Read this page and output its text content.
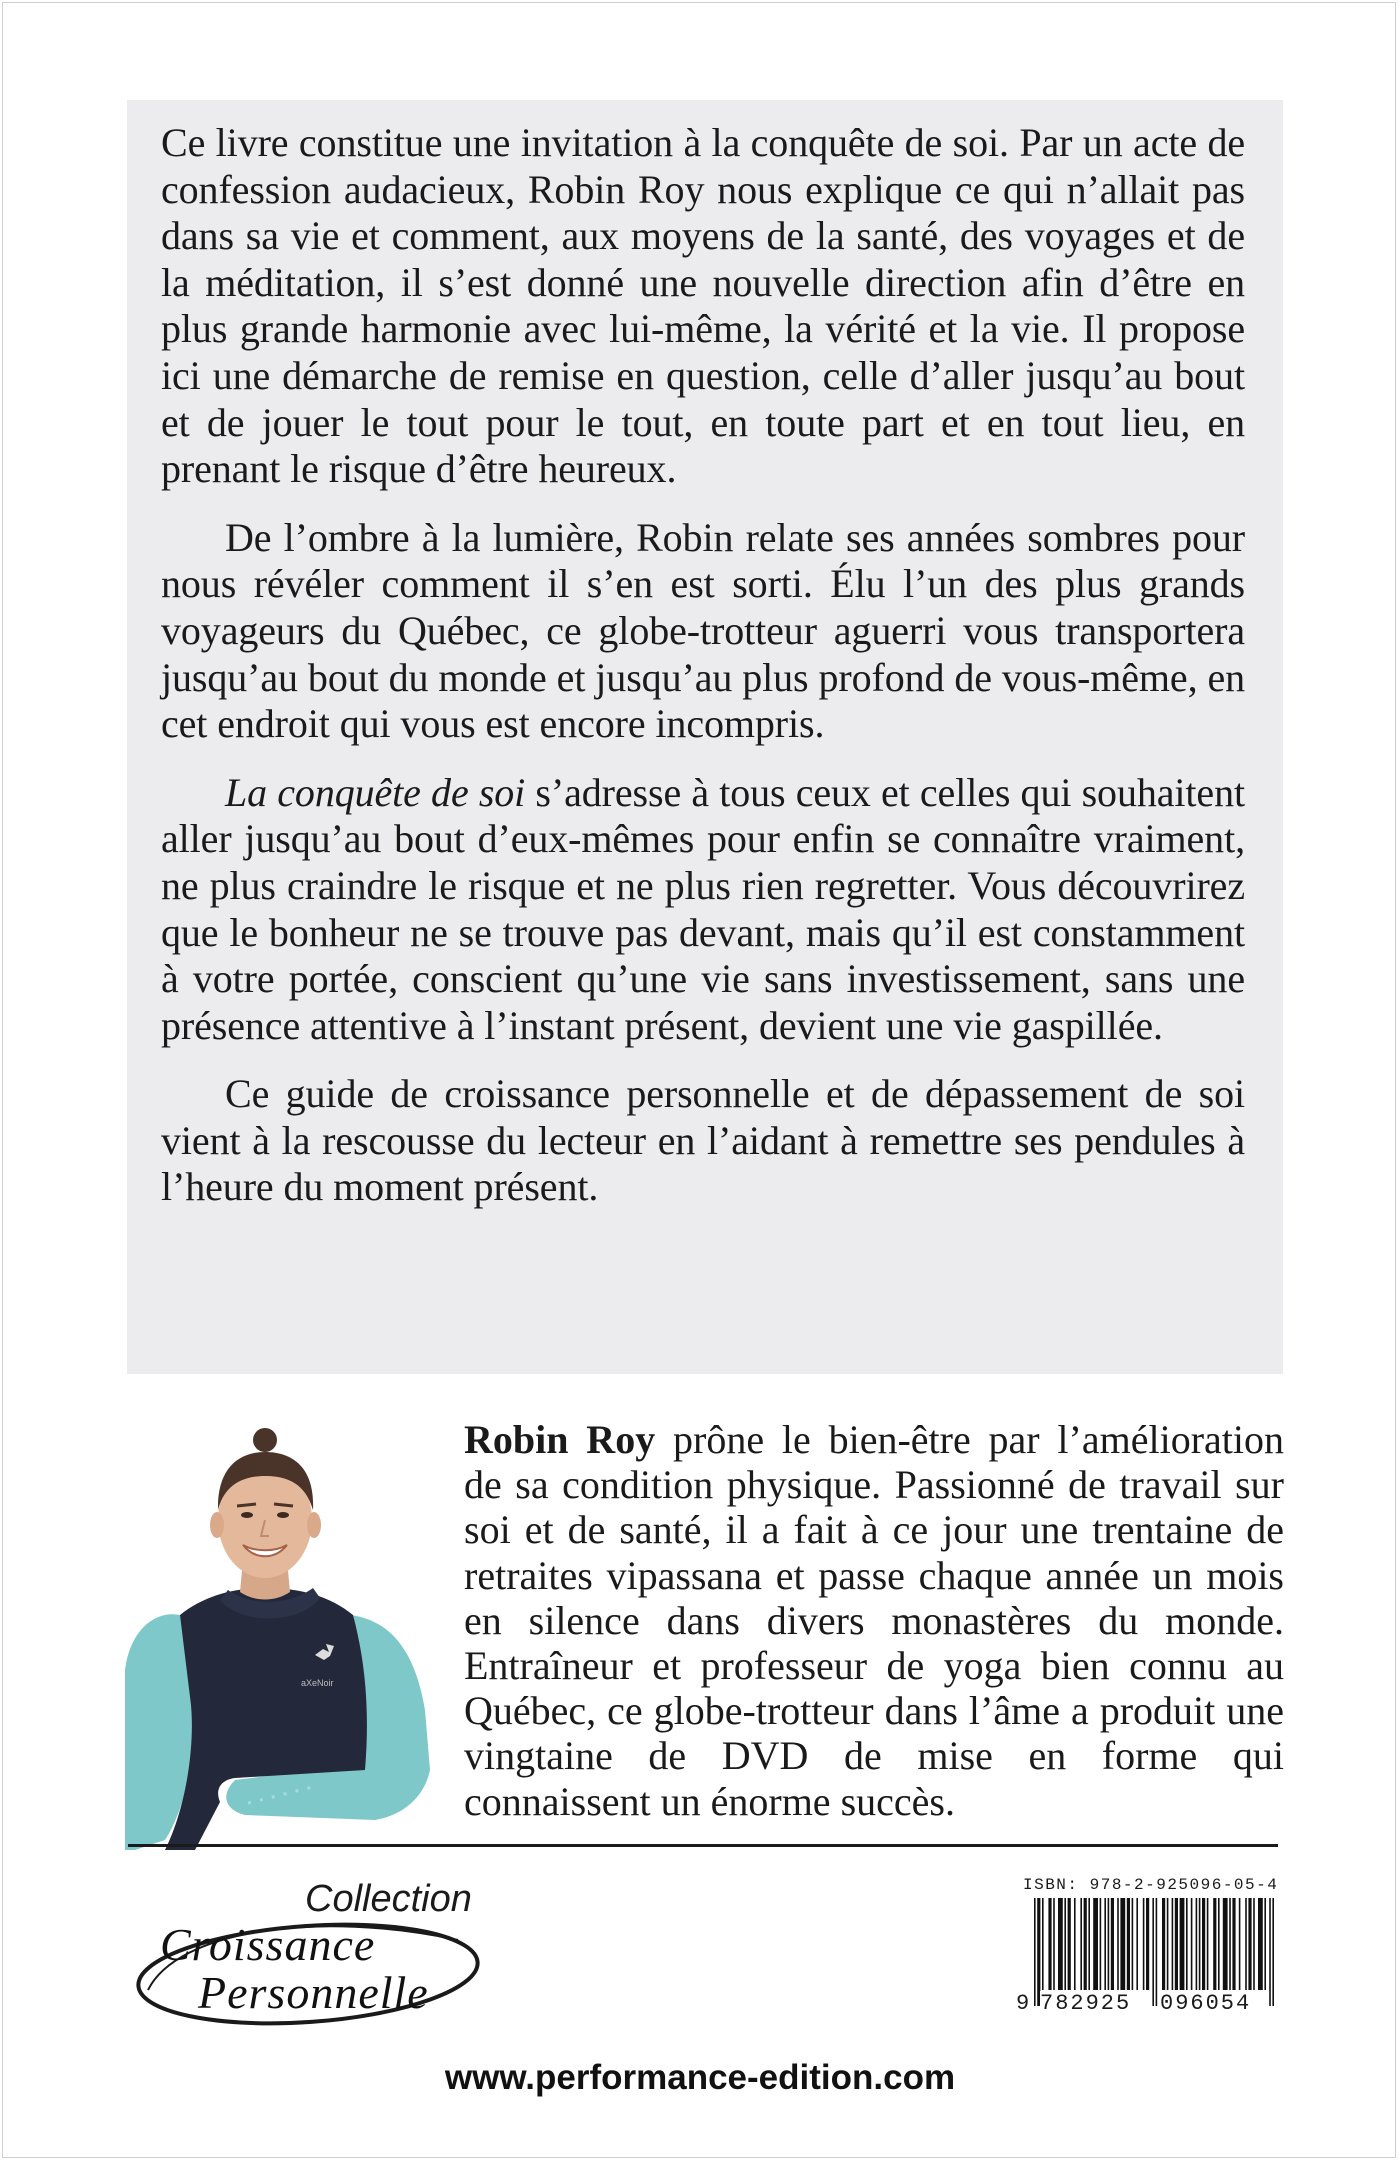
Ce livre constitue une invitation à la conquête de soi. Par un acte de confession audacieux, Robin Roy nous explique ce qui n’allait pas dans sa vie et comment, aux moyens de la santé, des voyages et de la méditation, il s’est donné une nouvelle direction afin d’être en plus grande harmonie avec lui-même, la vérité et la vie. Il propose ici une démarche de remise en question, celle d’aller jusqu’au bout et de jouer le tout pour le tout, en toute part et en tout lieu, en prenant le risque d’être heureux.

De l’ombre à la lumière, Robin relate ses années sombres pour nous révéler comment il s’en est sorti. Élu l’un des plus grands voyageurs du Québec, ce globe-trotteur aguerri vous transportera jusqu’au bout du monde et jusqu’au plus profond de vous-même, en cet endroit qui vous est encore incompris.

La conquête de soi s’adresse à tous ceux et celles qui souhaitent aller jusqu’au bout d’eux-mêmes pour enfin se connaître vraiment, ne plus craindre le risque et ne plus rien regretter. Vous découvrirez que le bonheur ne se trouve pas devant, mais qu’il est constamment à votre portée, conscient qu’une vie sans investissement, sans une présence attentive à l’instant présent, devient une vie gaspillée.

Ce guide de croissance personnelle et de dépassement de soi vient à la rescousse du lecteur en l’aidant à remettre ses pendules à l’heure du moment présent.

aXeNoir
· · · · · ·

Robin Roy prône le bien-être par l’amélioration de sa condition physique. Passionné de travail sur soi et de santé, il a fait à ce jour une trentaine de retraites vipassana et passe chaque année un mois en silence dans divers monastères du monde. Entraîneur et professeur de yoga bien connu au Québec, ce globe-trotteur dans l’âme a produit une vingtaine de DVD de mise en forme qui connaissent un énorme succès.

Collection

Croissance

Personnelle

ISBN: 978-2-925096-05-4

9 782925 096054

www.performance-edition.com
